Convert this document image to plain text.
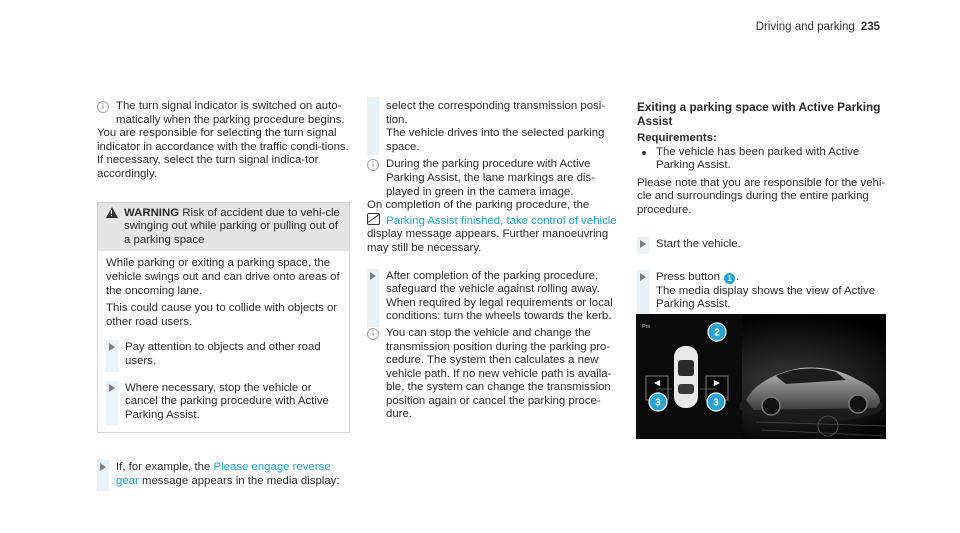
Driving and parking 235
i	The turn signal indicator is switched on auto-matically when the parking procedure begins.
You are responsible for selecting the turn signal indicator in accordance with the traffic condi-tions. If necessary, select the turn signal indica-tor accordingly.
! WARNING Risk of accident due to vehi-cle swinging out while parking or pulling out of a parking space
While parking or exiting a parking space, the vehicle swings out and can drive onto areas of the oncoming lane.
This could cause you to collide with objects or other road users.
Pay attention to objects and other road users.
Where necessary, stop the vehicle or cancel the parking procedure with Active Parking Assist.
If, for example, the Please engage reverse gear message appears in the media display:
select the corresponding transmission posi-tion.
The vehicle drives into the selected parking space.
i	During the parking procedure with Active Parking Assist, the lane markings are dis-played in green in the camera image.
On completion of the parking procedure, the
Parking Assist finished, take control of vehicle display message appears. Further manoeuvring may still be necessary.
After completion of the parking procedure, safeguard the vehicle against rolling away. When required by legal requirements or local conditions: turn the wheels towards the kerb.
i	You can stop the vehicle and change the transmission position during the parking pro-cedure. The system then calculates a new vehicle path. If no new vehicle path is availa-ble, the system can change the transmission position again or cancel the parking proce-dure.
Exiting a parking space with Active Parking Assist
Requirements:
The vehicle has been parked with Active Parking Assist.
Please note that you are responsible for the vehi-cle and surroundings during the entire parking procedure.
Start the vehicle.
Press button 1 .
The media display shows the view of Active Parking Assist.
Pıs
2
3	3
